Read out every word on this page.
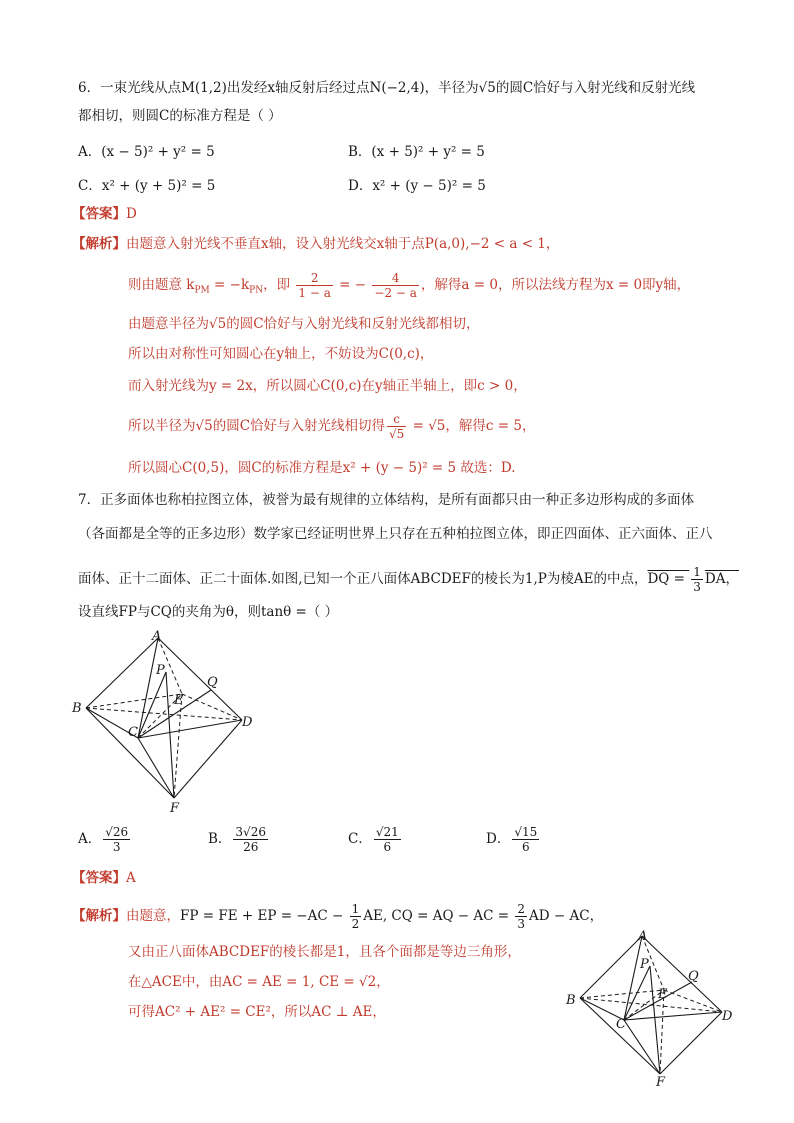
6．一束光线从点M(1,2)出发经x轴反射后经过点N(−2,4)，半径为√5的圆C恰好与入射光线和反射光线
都相切，则圆C的标准方程是（ ）
A．(x − 5)² + y² = 5	B．(x + 5)² + y² = 5
C．x² + (y + 5)² = 5	D．x² + (y − 5)² = 5
【答案】D
【解析】由题意入射光线不垂直x轴，设入射光线交x轴于点P(a,0),−2 < a < 1，
则由题意 $k_{PM} = -k_{PN}$，即 $\frac{2}{1 - a}$ = − $\frac{4}{-2 - a}$ ，解得a = 0，所以法线方程为x = 0即y轴，
由题意半径为√5的圆C恰好与入射光线和反射光线都相切，
所以由对称性可知圆心在y轴上，不妨设为C(0,c)，
而入射光线为y = 2x，所以圆心C(0,c)在y轴正半轴上，即c > 0，
所以半径为√5的圆C恰好与入射光线相切得 $\frac{c}{√5} = √5$，解得c = 5，
所以圆心C(0,5)，圆C的标准方程是x² + (y − 5)² = 5 故选：D.
7．正多面体也称柏拉图立体，被誉为最有规律的立体结构，是所有面都只由一种正多边形构成的多面体
（各面都是全等的正多边形）数学家已经证明世界上只存在五种柏拉图立体，即正四面体、正六面体、正八
面体、正十二面体、正二十面体.如图,已知一个正八面体ABCDEF的棱长为1,P为棱AE的中点，DQ = $\frac{1}{3}$ DA，
设直线FP与CQ的夹角为θ，则tanθ =（ ）
A
P
Q
E
B
C
D
F
A． $\frac{√26}{3}$	B． $\frac{3√26}{26}$	C． $\frac{√21}{6}$	D． $\frac{√15}{6}$
【答案】A
【解析】由题意，FP = FE + EP = $-AC - \frac{1}{2}$ AE, CQ = AQ − AC = $\frac{2}{3}$ AD − AC，
又由正八面体ABCDEF的棱长都是1，且各个面都是等边三角形，
在△ACE中，由AC = AE = 1, CE = √2，
可得AC² + AE² = CE²，所以AC ⊥ AE，
A
P
Q
E
B
C
D
F
